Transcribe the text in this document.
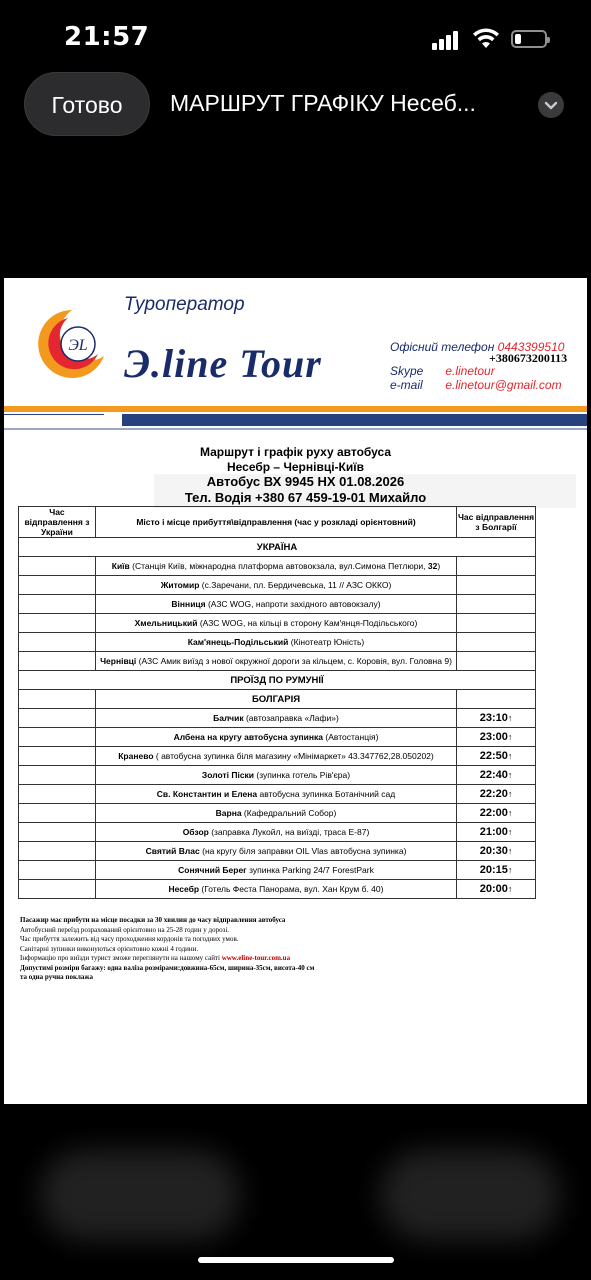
21:57
Готово	МАРШРУТ ГРАФІКУ Несеб...
Туроператор
ЭL Э.line Tour	Офісний телефон 0443399510
+380673200113
Skype e.linetour
e-mail e.linetour@gmail.com
Маршрут і графік руху автобуса
Несебр – Чернівці-Київ
Автобус ВХ 9945 НХ 01.08.2026
Тел. Водія +380 67 459-19-01 Михайло
Час відправлення з України	Місто і місце прибуття\відправлення (час у розкладі орієнтовний)	Час відправлення з Болгарії
УКРАЇНА		
	Київ (Станція Київ, міжнародна платформа автовокзала, вул.Симона Петлюри, 32)	
	Житомир (с.Заречани, пл. Бердичевська, 11 // АЗС ОККО)	
	Вінниця (АЗС WOG, напроти західного автовокзалу)	
	Хмельницький (АЗС WOG, на кільці в сторону Кам'янця-Подільського)	
	Кам'янець-Подільський (Кінотеатр Юність)	
	Чернівці (АЗС Амик виїзд з нової окружної дороги за кільцем, с. Коровія, вул. Головна 9)	
ПРОЇЗД ПО РУМУНІЇ		
	БОЛГАРІЯ	
	Балчик (автозаправка «Лафи»)	23:10↑
	Албена на кругу автобусна зупинка (Автостанція)	23:00↑
	Кранево ( автобусна зупинка біля магазину «Мінімаркет» 43.347762,28.050202)	22:50↑
	Золоті Піски (зупинка готель Рів'єра)	22:40↑
	Св. Константин и Елена автобусна зупинка Ботанічний сад	22:20↑
	Варна (Кафедральний Собор)	22:00↑
	Обзор (заправка Лукойл, на виїзді, траса Е-87)	21:00↑
	Святий Влас (на кругу біля заправки OIL Vlas автобусна зупинка)	20:30↑
	Сонячний Берег зупинка Parking 24/7 ForestPark	20:15↑
	Несебр (Готель Феста Панорама, вул. Хан Крум б. 40)	20:00↑
Пасажир має прибути на місце посадки за 30 хвилин до часу відправлення автобуса
Автобусний переїзд розрахований орієнтовно на 25-28 годин у дорозі.
Час прибуття залежить від часу проходження кордонів та погодних умов.
Санітарні зупинки виконуються орієнтовно кожні 4 години.
Інформацію про виїзди турист зможе переглянути на нашому сайті www.eline-tour.com.ua
Допустимі розміри багажу: одна валіза розмірами:довжина-65см, ширина-35см, висота-40 см
та одна ручна поклажа
